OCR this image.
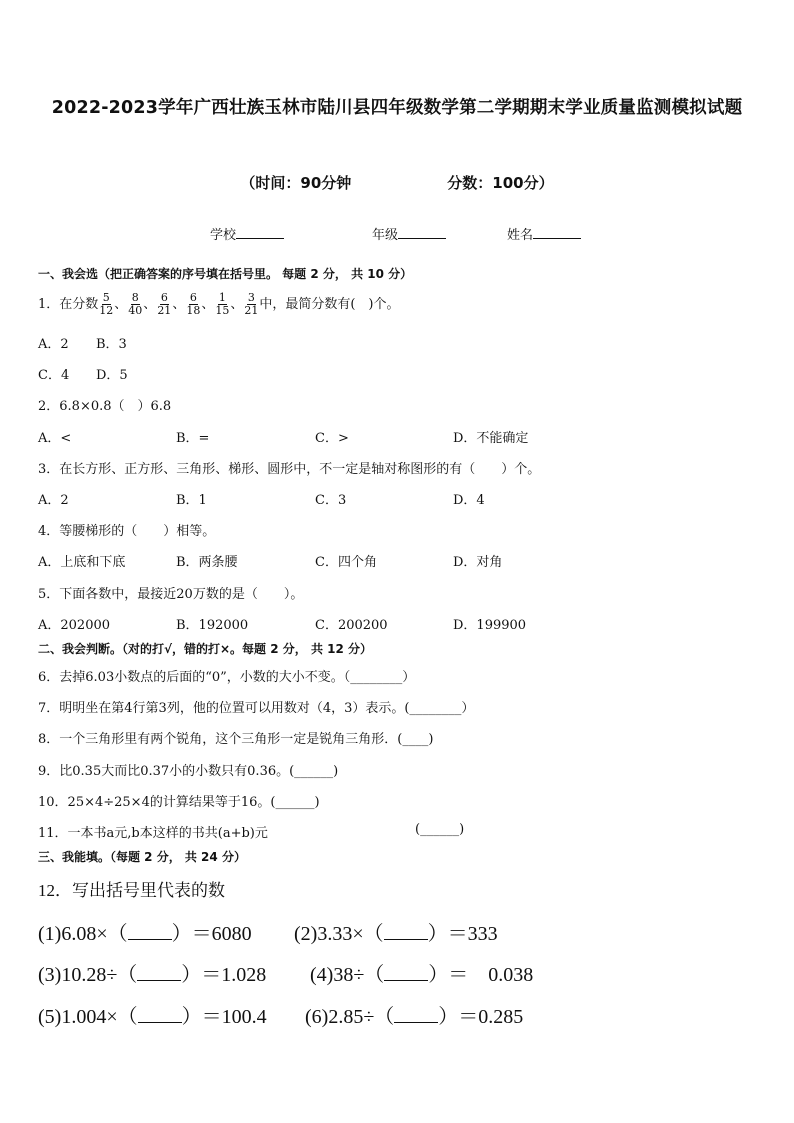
2022-2023学年广西壮族玉林市陆川县四年级数学第二学期期末学业质量监测模拟试题
（时间：90分钟	分数：100分）
学校	年级	姓名
一、我会选（把正确答案的序号填在括号里。 每题 2 分， 共 10 分）
1．在分数 $\frac{5}{12}$ 、 $\frac{8}{40}$ 、 $\frac{6}{21}$ 、 $\frac{6}{18}$ 、 $\frac{1}{15}$ 、 $\frac{3}{21}$ 中，最简分数有(　)个。
A．2 B．3
C．4 D．5
2．6.8×0.8（　）6.8
A．<	B．=	C．>	D．不能确定
3．在长方形、正方形、三角形、梯形、圆形中，不一定是轴对称图形的有（　　）个。
A．2	B．1	C．3	D．4
4．等腰梯形的（　　）相等。
A．上底和下底	B．两条腰	C．四个角	D．对角
5．下面各数中，最接近20万数的是（　　）。
A．202000	B．192000	C．200200	D．199900
二、我会判断。（对的打√，错的打×。每题 2 分， 共 12 分）
6．去掉6.03小数点的后面的“0”，小数的大小不变。（________）
7．明明坐在第4行第3列，他的位置可以用数对（4，3）表示。(________）
8．一个三角形里有两个锐角，这个三角形一定是锐角三角形．(____)
9．比0.35大而比0.37小的小数只有0.36。(______)
10．25×4÷25×4的计算结果等于16。(______)
11．一本书a元,b本这样的书共(a+b)元	(______)
三、我能填。（每题 2 分， 共 24 分）
12．写出括号里代表的数
(1)6.08×（ ）＝6080 (2)3.33×（ ）＝333
(3)10.28÷（ ）＝1.028 (4)38÷（ ）＝　0.038
(5)1.004×（ ）＝100.4 (6)2.85÷（ ）＝0.285
